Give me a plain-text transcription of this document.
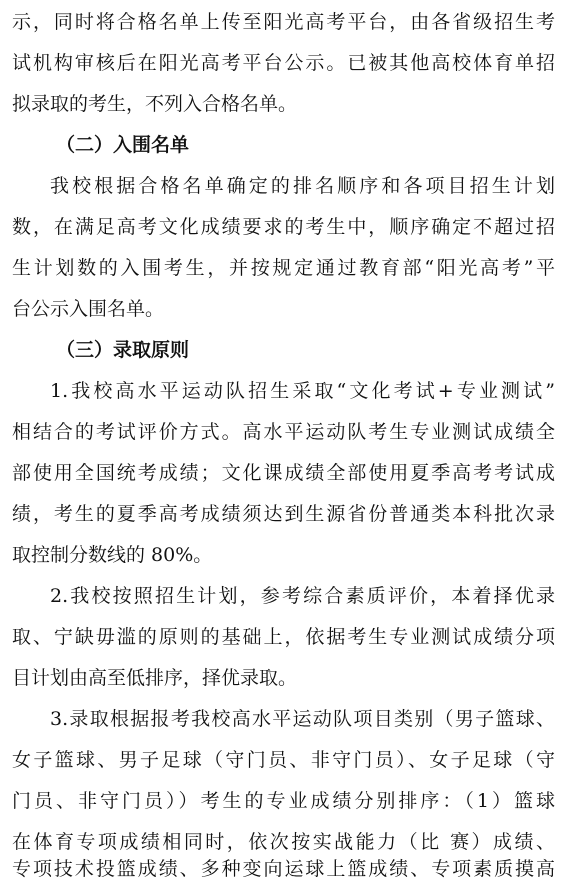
示，同时将合格名单上传至阳光高考平台，由各省级招生考
试机构审核后在阳光高考平台公示。已被其他高校体育单招
拟录取的考生，不列入合格名单。
（二）入围名单
我校根据合格名单确定的排名顺序和各项目招生计划
数，在满足高考文化成绩要求的考生中，顺序确定不超过招
生计划数的入围考生，并按规定通过教育部“阳光高考”平
台公示入围名单。
（三）录取原则
1.我校高水平运动队招生采取“文化考试+专业测试”
相结合的考试评价方式。高水平运动队考生专业测试成绩全
部使用全国统考成绩；文化课成绩全部使用夏季高考考试成
绩，考生的夏季高考成绩须达到生源省份普通类本科批次录
取控制分数线的 80%。
2.我校按照招生计划，参考综合素质评价，本着择优录
取、宁缺毋滥的原则的基础上，依据考生专业测试成绩分项
目计划由高至低排序，择优录取。
3.录取根据报考我校高水平运动队项目类别（男子篮球、
女子篮球、男子足球（守门员、非守门员）、女子足球（守
门员、非守门员））考生的专业成绩分别排序：（1）篮球
在体育专项成绩相同时，依次按实战能力（比 赛）成绩、
专项技术投篮成绩、多种变向运球上篮成绩、专项素质摸高
